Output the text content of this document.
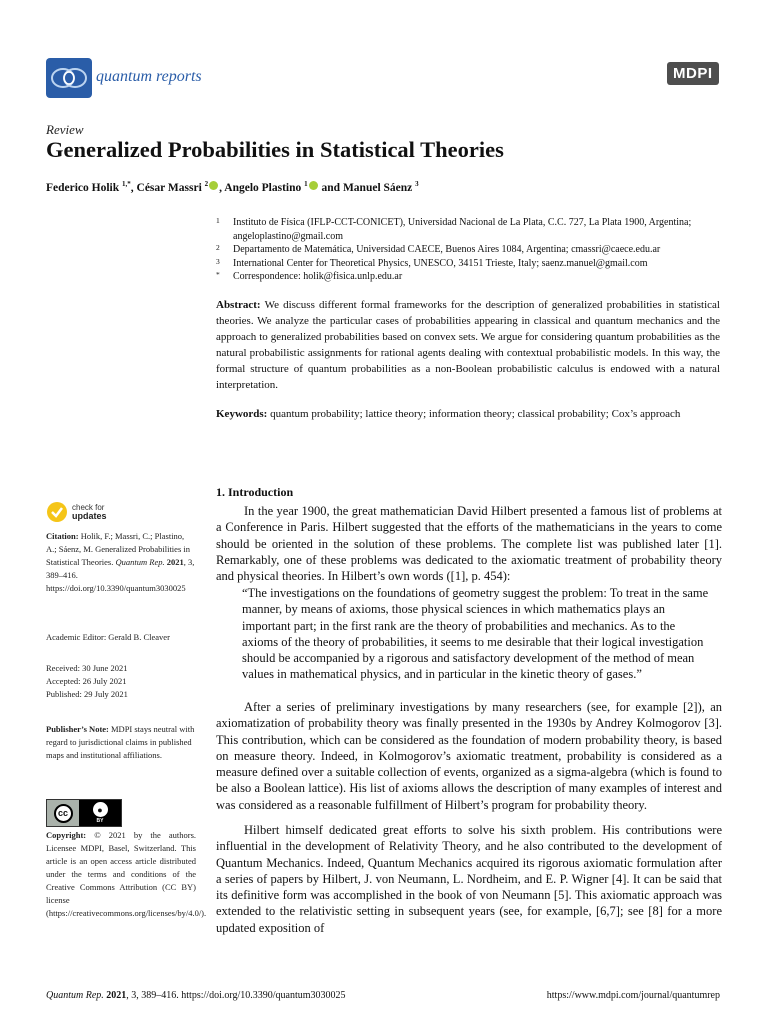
quantum reports	MDPI
Review
Generalized Probabilities in Statistical Theories
Federico Holik $^{1,*}$, César Massri $^2$ , Angelo Plastino $^1$ and Manuel Sáenz $^3$
1	Instituto de Física (IFLP-CCT-CONICET), Universidad Nacional de La Plata, C.C. 727, La Plata 1900, Argentina; angeloplastino@gmail.com
2	Departamento de Matemática, Universidad CAECE, Buenos Aires 1084, Argentina; cmassri@caece.edu.ar
3	International Center for Theoretical Physics, UNESCO, 34151 Trieste, Italy; saenz.manuel@gmail.com
*	Correspondence: holik@fisica.unlp.edu.ar
Abstract: We discuss different formal frameworks for the description of generalized probabilities in statistical theories. We analyze the particular cases of probabilities appearing in classical and quantum mechanics and the approach to generalized probabilities based on convex sets. We argue for considering quantum probabilities as the natural probabilistic assignments for rational agents dealing with contextual probabilistic models. In this way, the formal structure of quantum probabilities as a non-Boolean probabilistic calculus is endowed with a natural interpretation.
Keywords: quantum probability; lattice theory; information theory; classical probability; Cox’s approach
check for
updates
Citation: Holik, F.; Massri, C.; Plastino, A.; Sáenz, M. Generalized Probabilities in Statistical Theories. Quantum Rep. 2021, 3, 389–416.
https://doi.org/10.3390/quantum3030025
Academic Editor: Gerald B. Cleaver
Received: 30 June 2021
Accepted: 26 July 2021
Published: 29 July 2021
Publisher’s Note: MDPI stays neutral with regard to jurisdictional claims in published maps and institutional affiliations.
cc	●
BY
Copyright: © 2021 by the authors. Licensee MDPI, Basel, Switzerland. This article is an open access article distributed under the terms and conditions of the Creative Commons Attribution (CC BY) license (https://creativecommons.org/licenses/by/4.0/).
1. Introduction
In the year 1900, the great mathematician David Hilbert presented a famous list of problems at a Conference in Paris. Hilbert suggested that the efforts of the mathematicians in the years to come should be oriented in the solution of these problems. The complete list was published later [1]. Remarkably, one of these problems was dedicated to the axiomatic treatment of probability theory and physical theories. In Hilbert’s own words ([1], p. 454):
“The investigations on the foundations of geometry suggest the problem: To treat in the same manner, by means of axioms, those physical sciences in which mathematics plays an important part; in the first rank are the theory of probabilities and mechanics. As to the axioms of the theory of probabilities, it seems to me desirable that their logical investigation should be accompanied by a rigorous and satisfactory development of the method of mean values in mathematical physics, and in particular in the kinetic theory of gases.”
After a series of preliminary investigations by many researchers (see, for example [2]), an axiomatization of probability theory was finally presented in the 1930s by Andrey Kolmogorov [3]. This contribution, which can be considered as the foundation of modern probability theory, is based on measure theory. Indeed, in Kolmogorov’s axiomatic treatment, probability is considered as a measure defined over a suitable collection of events, organized as a sigma-algebra (which is found to be also a Boolean lattice). His list of axioms allows the description of many examples of interest and was considered as a reasonable fulfillment of Hilbert’s program for probability theory.
Hilbert himself dedicated great efforts to solve his sixth problem. His contributions were influential in the development of Relativity Theory, and he also contributed to the development of Quantum Mechanics. Indeed, Quantum Mechanics acquired its rigorous axiomatic formulation after a series of papers by Hilbert, J. von Neumann, L. Nordheim, and E. P. Wigner [4]. It can be said that its definitive form was accomplished in the book of von Neumann [5]. This axiomatic approach was extended to the relativistic setting in subsequent years (see, for example, [6,7]; see [8] for a more updated exposition of
Quantum Rep. 2021, 3, 389–416. https://doi.org/10.3390/quantum3030025	https://www.mdpi.com/journal/quantumrep
